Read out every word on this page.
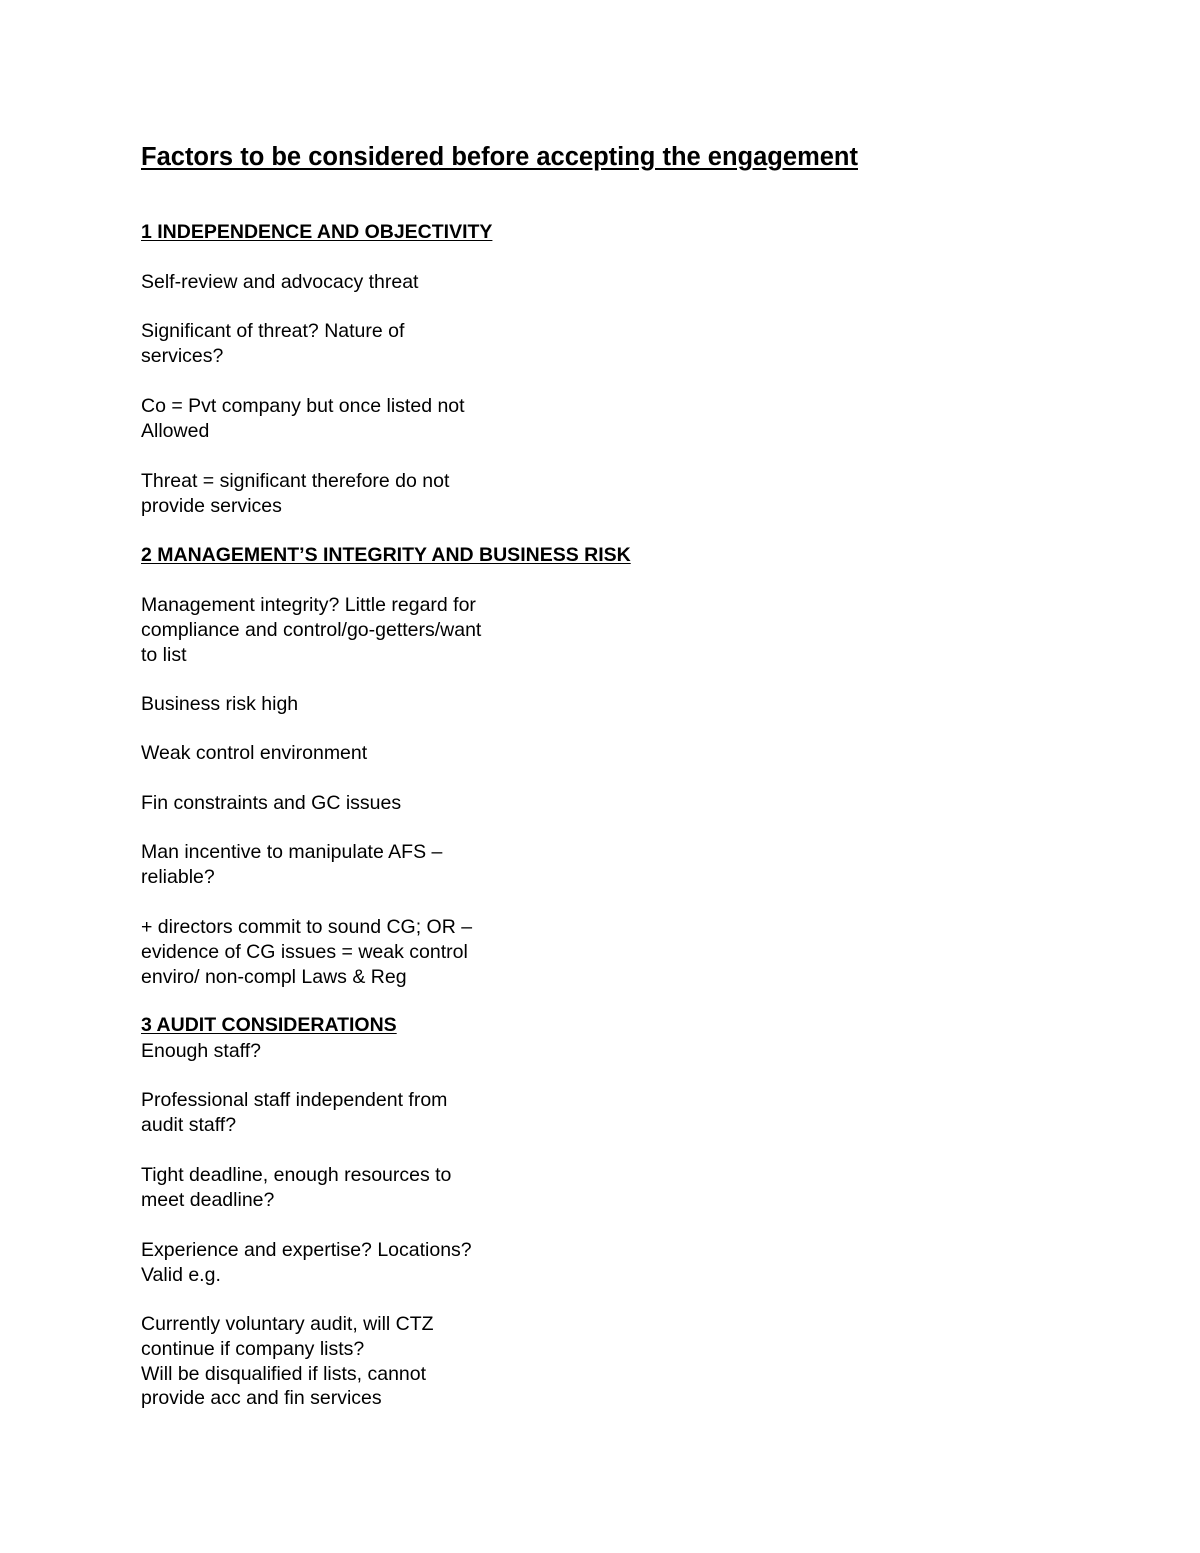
Factors to be considered before accepting the engagement
1 INDEPENDENCE AND OBJECTIVITY

Self-review and advocacy threat

Significant of threat? Nature of
services?

Co = Pvt company but once listed not
Allowed

Threat = significant therefore do not
provide services

2 MANAGEMENT’S INTEGRITY AND BUSINESS RISK

Management integrity? Little regard for
compliance and control/go-getters/want
to list

Business risk high

Weak control environment

Fin constraints and GC issues

Man incentive to manipulate AFS –
reliable?

+ directors commit to sound CG; OR –
evidence of CG issues = weak control
enviro/ non-compl Laws & Reg

3 AUDIT CONSIDERATIONS

Enough staff?

Professional staff independent from
audit staff?

Tight deadline, enough resources to
meet deadline?

Experience and expertise? Locations?
Valid e.g.

Currently voluntary audit, will CTZ
continue if company lists?
Will be disqualified if lists, cannot
provide acc and fin services
